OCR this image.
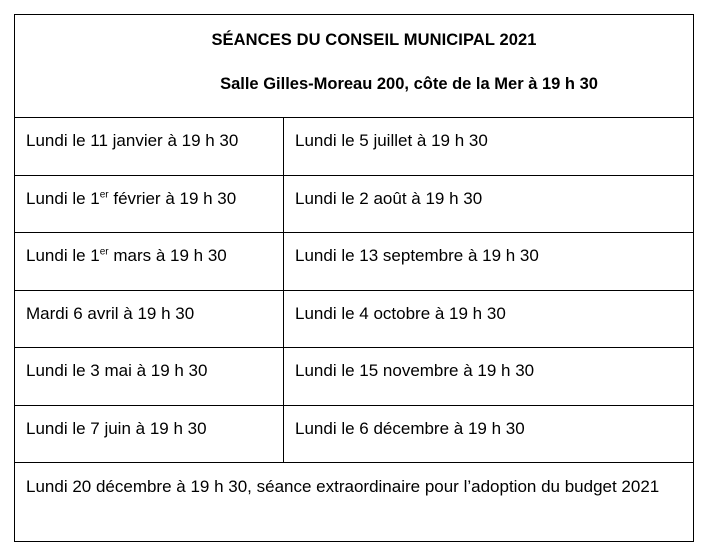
SÉANCES DU CONSEIL MUNICIPAL 2021
Salle Gilles-Moreau 200, côte de la Mer à 19 h 30
Lundi le 11 janvier à 19 h 30	Lundi le 5 juillet à 19 h 30
Lundi le 1er février à 19 h 30	Lundi le 2 août à 19 h 30
Lundi le 1er mars à 19 h 30	Lundi le 13 septembre à 19 h 30
Mardi 6 avril à 19 h 30	Lundi le 4 octobre à 19 h 30
Lundi le 3 mai à 19 h 30	Lundi le 15 novembre à 19 h 30
Lundi le 7 juin à 19 h 30	Lundi le 6 décembre à 19 h 30
Lundi 20 décembre à 19 h 30, séance extraordinaire pour l’adoption du budget 2021
